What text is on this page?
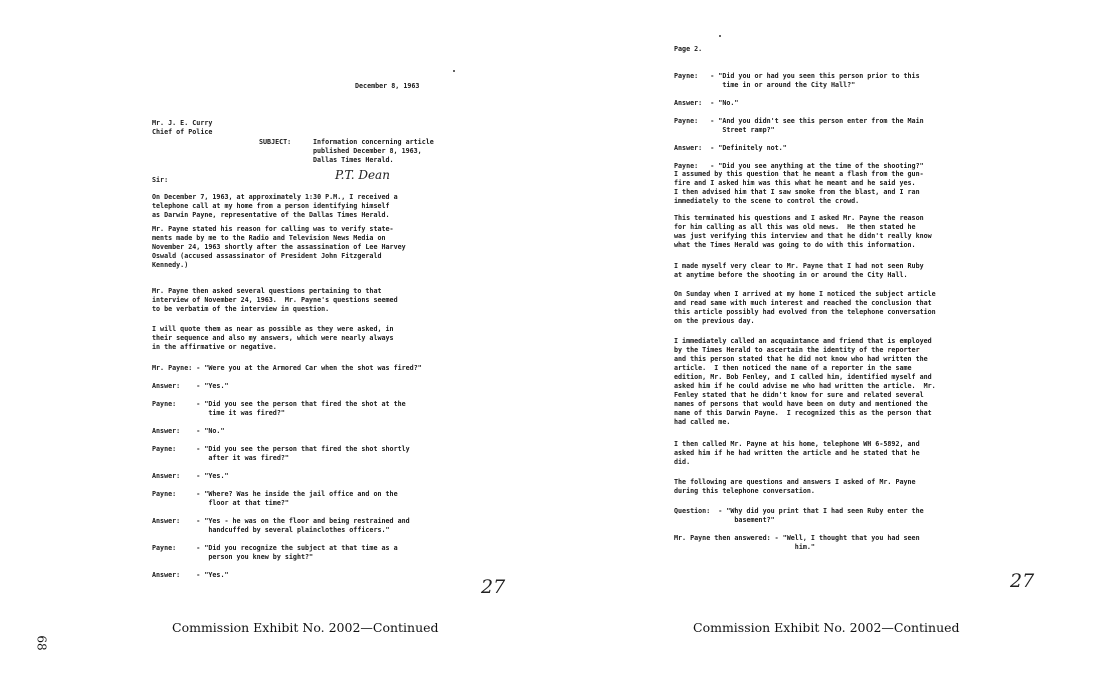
December 8, 1963
Mr. J. E. Curry
Chief of Police
SUBJECT:	Information concerning article
published December 8, 1963,
Dallas Times Herald.
Sir:	P.T. Dean
On December 7, 1963, at approximately 1:30 P.M., I received a
telephone call at my home from a person identifying himself
as Darwin Payne, representative of the Dallas Times Herald.
Mr. Payne stated his reason for calling was to verify state-
ments made by me to the Radio and Television News Media on
November 24, 1963 shortly after the assassination of Lee Harvey
Oswald (accused assassinator of President John Fitzgerald
Kennedy.)
Mr. Payne then asked several questions pertaining to that
interview of November 24, 1963.  Mr. Payne's questions seemed
to be verbatim of the interview in question.
I will quote them as near as possible as they were asked, in
their sequence and also my answers, which were nearly always
in the affirmative or negative.
Mr. Payne: - "Were you at the Armored Car when the shot was fired?"

Answer:    - "Yes."

Payne:     - "Did you see the person that fired the shot at the
time it was fired?"

Answer:    - "No."

Payne:     - "Did you see the person that fired the shot shortly
after it was fired?"

Answer:    - "Yes."

Payne:     - "Where? Was he inside the jail office and on the
floor at that time?"

Answer:    - "Yes - he was on the floor and being restrained and
handcuffed by several plainclothes officers."

Payne:     - "Did you recognize the subject at that time as a
person you knew by sight?"

Answer:    - "Yes."
27
Commission Exhibit No. 2002—Continued
68
Page 2.
Payne:   - "Did you or had you seen this person prior to this
time in or around the City Hall?"

Answer:  - "No."

Payne:   - "And you didn't see this person enter from the Main
Street ramp?"

Answer:  - "Definitely not."

Payne:   - "Did you see anything at the time of the shooting?"
I assumed by this question that he meant a flash from the gun-
fire and I asked him was this what he meant and he said yes.
I then advised him that I saw smoke from the blast, and I ran
immediately to the scene to control the crowd.
This terminated his questions and I asked Mr. Payne the reason
for him calling as all this was old news.  He then stated he
was just verifying this interview and that he didn't really know
what the Times Herald was going to do with this information.
I made myself very clear to Mr. Payne that I had not seen Ruby
at anytime before the shooting in or around the City Hall.
On Sunday when I arrived at my home I noticed the subject article
and read same with much interest and reached the conclusion that
this article possibly had evolved from the telephone conversation
on the previous day.
I immediately called an acquaintance and friend that is employed
by the Times Herald to ascertain the identity of the reporter
and this person stated that he did not know who had written the
article.  I then noticed the name of a reporter in the same
edition, Mr. Bob Fenley, and I called him, identified myself and
asked him if he could advise me who had written the article.  Mr.
Fenley stated that he didn't know for sure and related several
names of persons that would have been on duty and mentioned the
name of this Darwin Payne.  I recognized this as the person that
had called me.
I then called Mr. Payne at his home, telephone WH 6-5892, and
asked him if he had written the article and he stated that he
did.
The following are questions and answers I asked of Mr. Payne
during this telephone conversation.
Question:  - "Why did you print that I had seen Ruby enter the
basement?"

Mr. Payne then answered: - "Well, I thought that you had seen
him."
27
Commission Exhibit No. 2002—Continued
